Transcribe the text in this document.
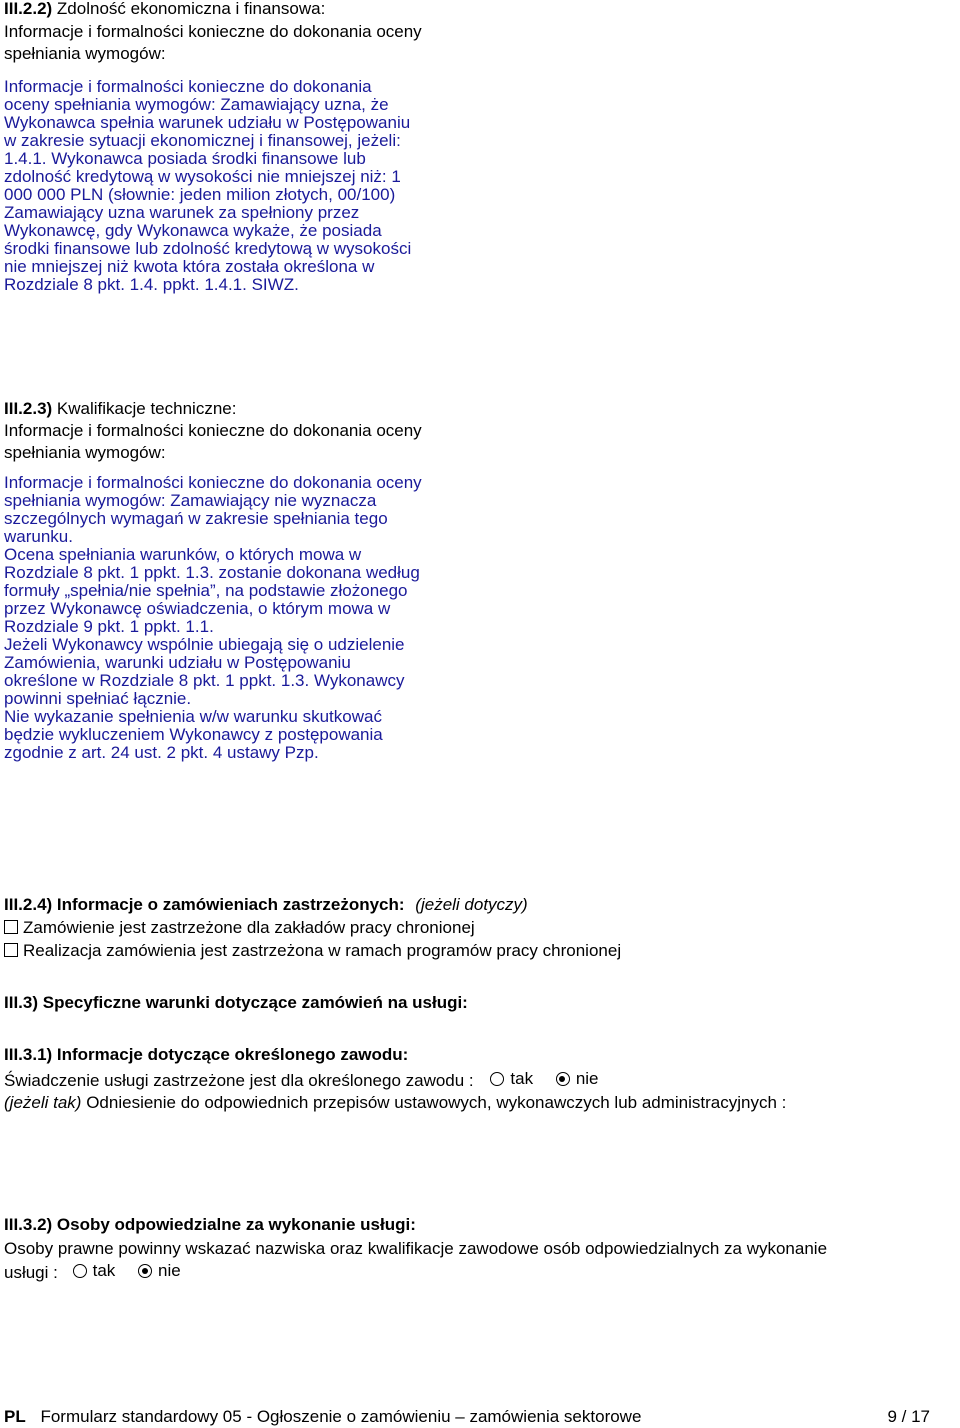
III.2.2) Zdolność ekonomiczna i finansowa:
Informacje i formalności konieczne do dokonania oceny
spełniania wymogów:
Informacje i formalności konieczne do dokonania
oceny spełniania wymogów: Zamawiający uzna, że
Wykonawca spełnia warunek udziału w Postępowaniu
w zakresie sytuacji ekonomicznej i finansowej, jeżeli:
1.4.1. Wykonawca posiada środki finansowe lub
zdolność kredytową w wysokości nie mniejszej niż: 1
000 000 PLN (słownie: jeden milion złotych, 00/100)
Zamawiający uzna warunek za spełniony przez
Wykonawcę, gdy Wykonawca wykaże, że posiada
środki finansowe lub zdolność kredytową w wysokości
nie mniejszej niż kwota która została określona w
Rozdziale 8 pkt. 1.4. ppkt. 1.4.1. SIWZ.
III.2.3) Kwalifikacje techniczne:
Informacje i formalności konieczne do dokonania oceny
spełniania wymogów:
Informacje i formalności konieczne do dokonania oceny
spełniania wymogów: Zamawiający nie wyznacza
szczególnych wymagań w zakresie spełniania tego
warunku.
Ocena spełniania warunków, o których mowa w
Rozdziale 8 pkt. 1 ppkt. 1.3. zostanie dokonana według
formuły „spełnia/nie spełnia”, na podstawie złożonego
przez Wykonawcę oświadczenia, o którym mowa w
Rozdziale 9 pkt. 1 ppkt. 1.1.
Jeżeli Wykonawcy wspólnie ubiegają się o udzielenie
Zamówienia, warunki udziału w Postępowaniu
określone w Rozdziale 8 pkt. 1 ppkt. 1.3. Wykonawcy
powinni spełniać łącznie.
Nie wykazanie spełnienia w/w warunku skutkować
będzie wykluczeniem Wykonawcy z postępowania
zgodnie z art. 24 ust. 2 pkt. 4 ustawy Pzp.
III.2.4) Informacje o zamówieniach zastrzeżonych: (jeżeli dotyczy)
Zamówienie jest zastrzeżone dla zakładów pracy chronionej
Realizacja zamówienia jest zastrzeżona w ramach programów pracy chronionej
III.3) Specyficzne warunki dotyczące zamówień na usługi:
III.3.1) Informacje dotyczące określonego zawodu:
Świadczenie usługi zastrzeżone jest dla określonego zawodu : tak
	nie
(jeżeli tak) Odniesienie do odpowiednich przepisów ustawowych, wykonawczych lub administracyjnych :
III.3.2) Osoby odpowiedzialne za wykonanie usługi:
Osoby prawne powinny wskazać nazwiska oraz kwalifikacje zawodowe osób odpowiedzialnych za wykonanie
usługi : tak
	nie
PL Formularz standardowy 05 - Ogłoszenie o zamówieniu – zamówienia sektorowe	9 / 17
